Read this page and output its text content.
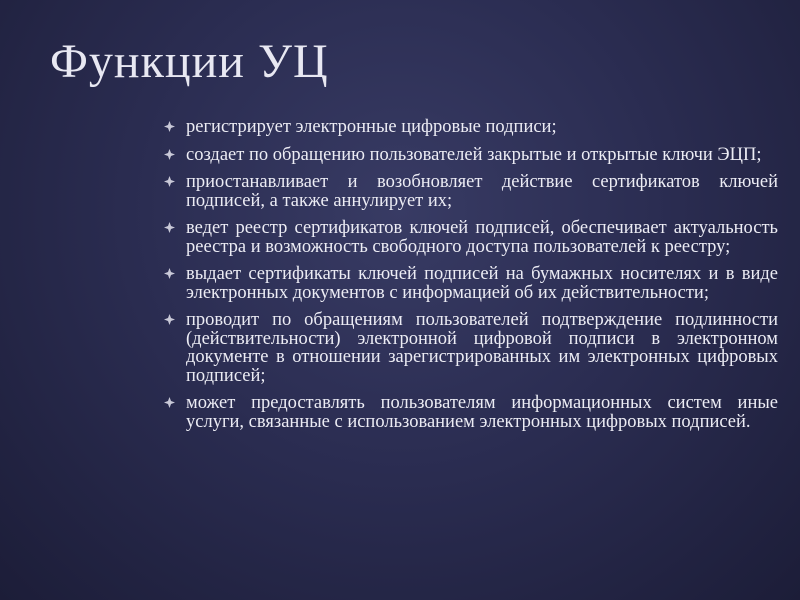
Функции УЦ
регистрирует электронные цифровые подписи;
создает по обращению пользователей закрытые и открытые ключи ЭЦП;
приостанавливает и возобновляет действие сертификатов ключей подписей, а также аннулирует их;
ведет реестр сертификатов ключей подписей, обеспечивает актуальность реестра и возможность свободного доступа пользователей к реестру;
выдает сертификаты ключей подписей на бумажных носителях и в виде электронных документов с информацией об их действительности;
проводит по обращениям пользователей подтверждение подлинности (действительности) электронной цифровой подписи в электронном документе в отношении зарегистрированных им электронных цифровых подписей;
может предоставлять пользователям информационных систем иные услуги, связанные с использованием электронных цифровых подписей.
